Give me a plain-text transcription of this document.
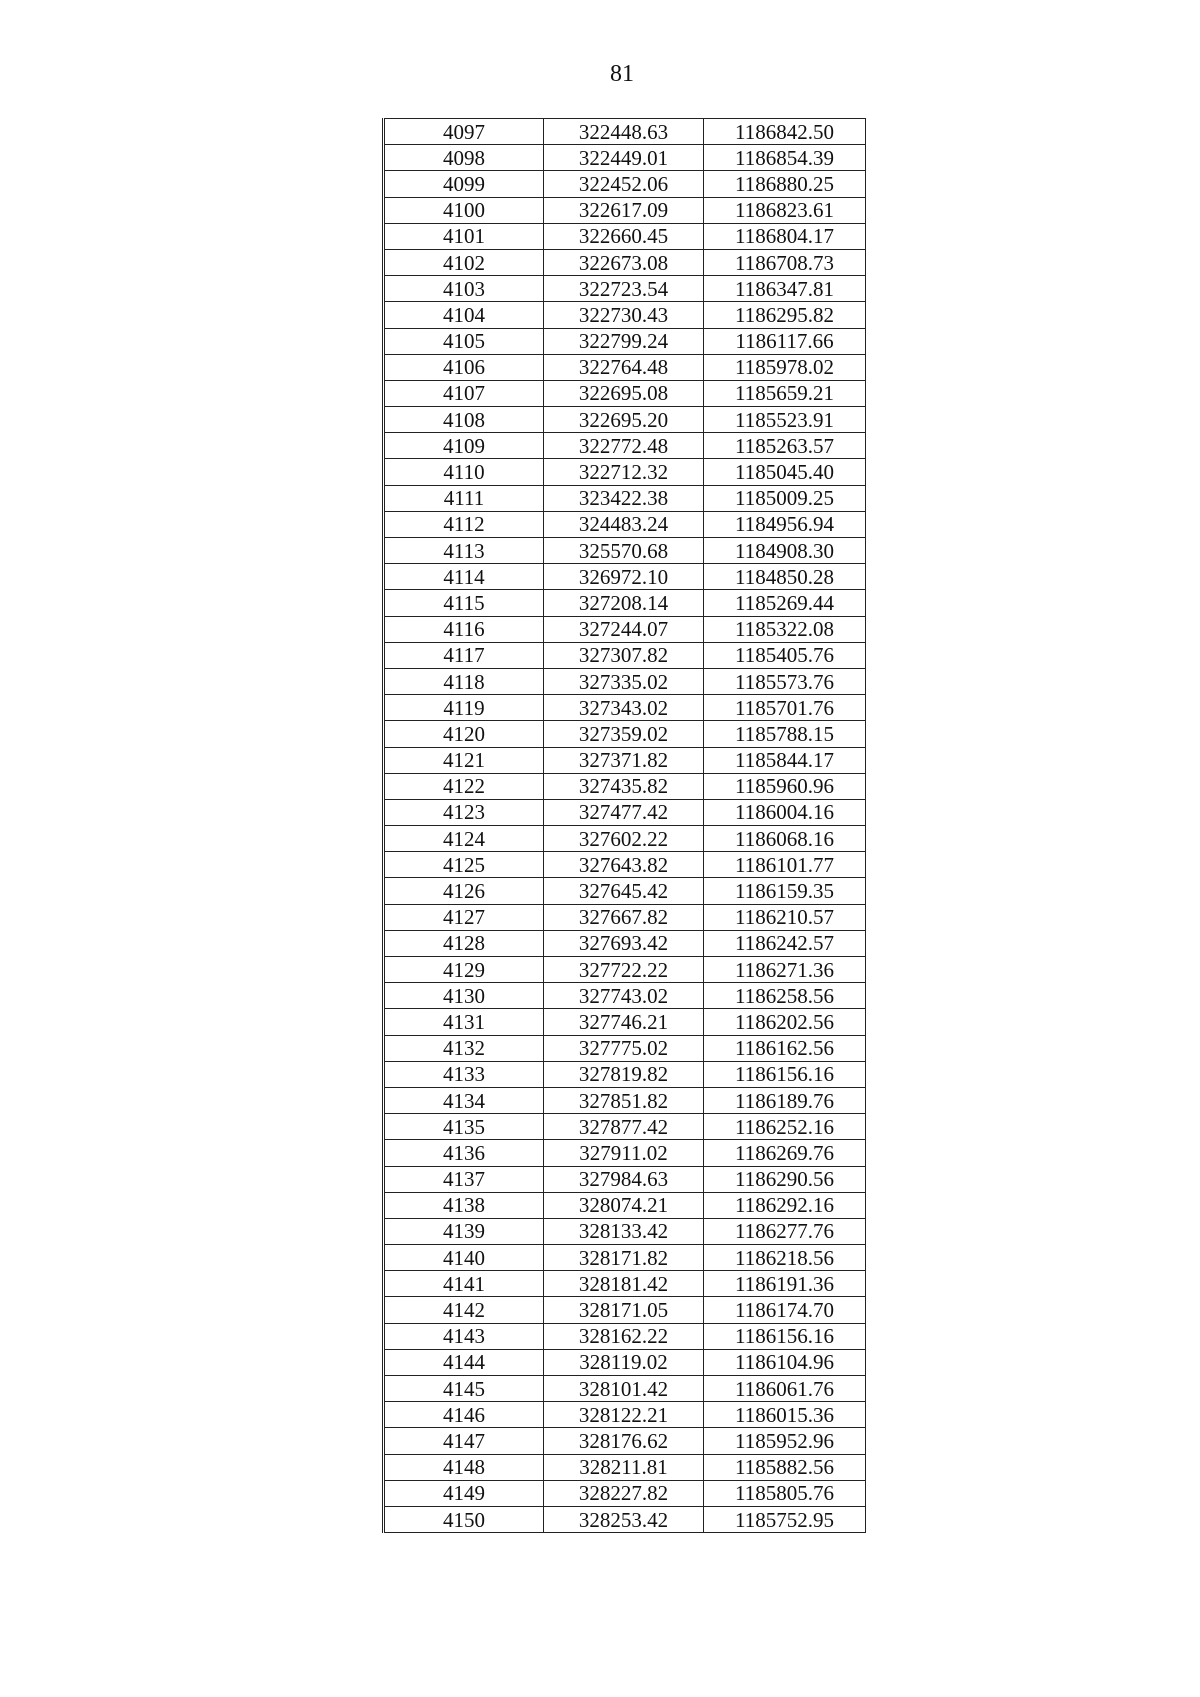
81
4097	322448.63	1186842.50
4098	322449.01	1186854.39
4099	322452.06	1186880.25
4100	322617.09	1186823.61
4101	322660.45	1186804.17
4102	322673.08	1186708.73
4103	322723.54	1186347.81
4104	322730.43	1186295.82
4105	322799.24	1186117.66
4106	322764.48	1185978.02
4107	322695.08	1185659.21
4108	322695.20	1185523.91
4109	322772.48	1185263.57
4110	322712.32	1185045.40
4111	323422.38	1185009.25
4112	324483.24	1184956.94
4113	325570.68	1184908.30
4114	326972.10	1184850.28
4115	327208.14	1185269.44
4116	327244.07	1185322.08
4117	327307.82	1185405.76
4118	327335.02	1185573.76
4119	327343.02	1185701.76
4120	327359.02	1185788.15
4121	327371.82	1185844.17
4122	327435.82	1185960.96
4123	327477.42	1186004.16
4124	327602.22	1186068.16
4125	327643.82	1186101.77
4126	327645.42	1186159.35
4127	327667.82	1186210.57
4128	327693.42	1186242.57
4129	327722.22	1186271.36
4130	327743.02	1186258.56
4131	327746.21	1186202.56
4132	327775.02	1186162.56
4133	327819.82	1186156.16
4134	327851.82	1186189.76
4135	327877.42	1186252.16
4136	327911.02	1186269.76
4137	327984.63	1186290.56
4138	328074.21	1186292.16
4139	328133.42	1186277.76
4140	328171.82	1186218.56
4141	328181.42	1186191.36
4142	328171.05	1186174.70
4143	328162.22	1186156.16
4144	328119.02	1186104.96
4145	328101.42	1186061.76
4146	328122.21	1186015.36
4147	328176.62	1185952.96
4148	328211.81	1185882.56
4149	328227.82	1185805.76
4150	328253.42	1185752.95
